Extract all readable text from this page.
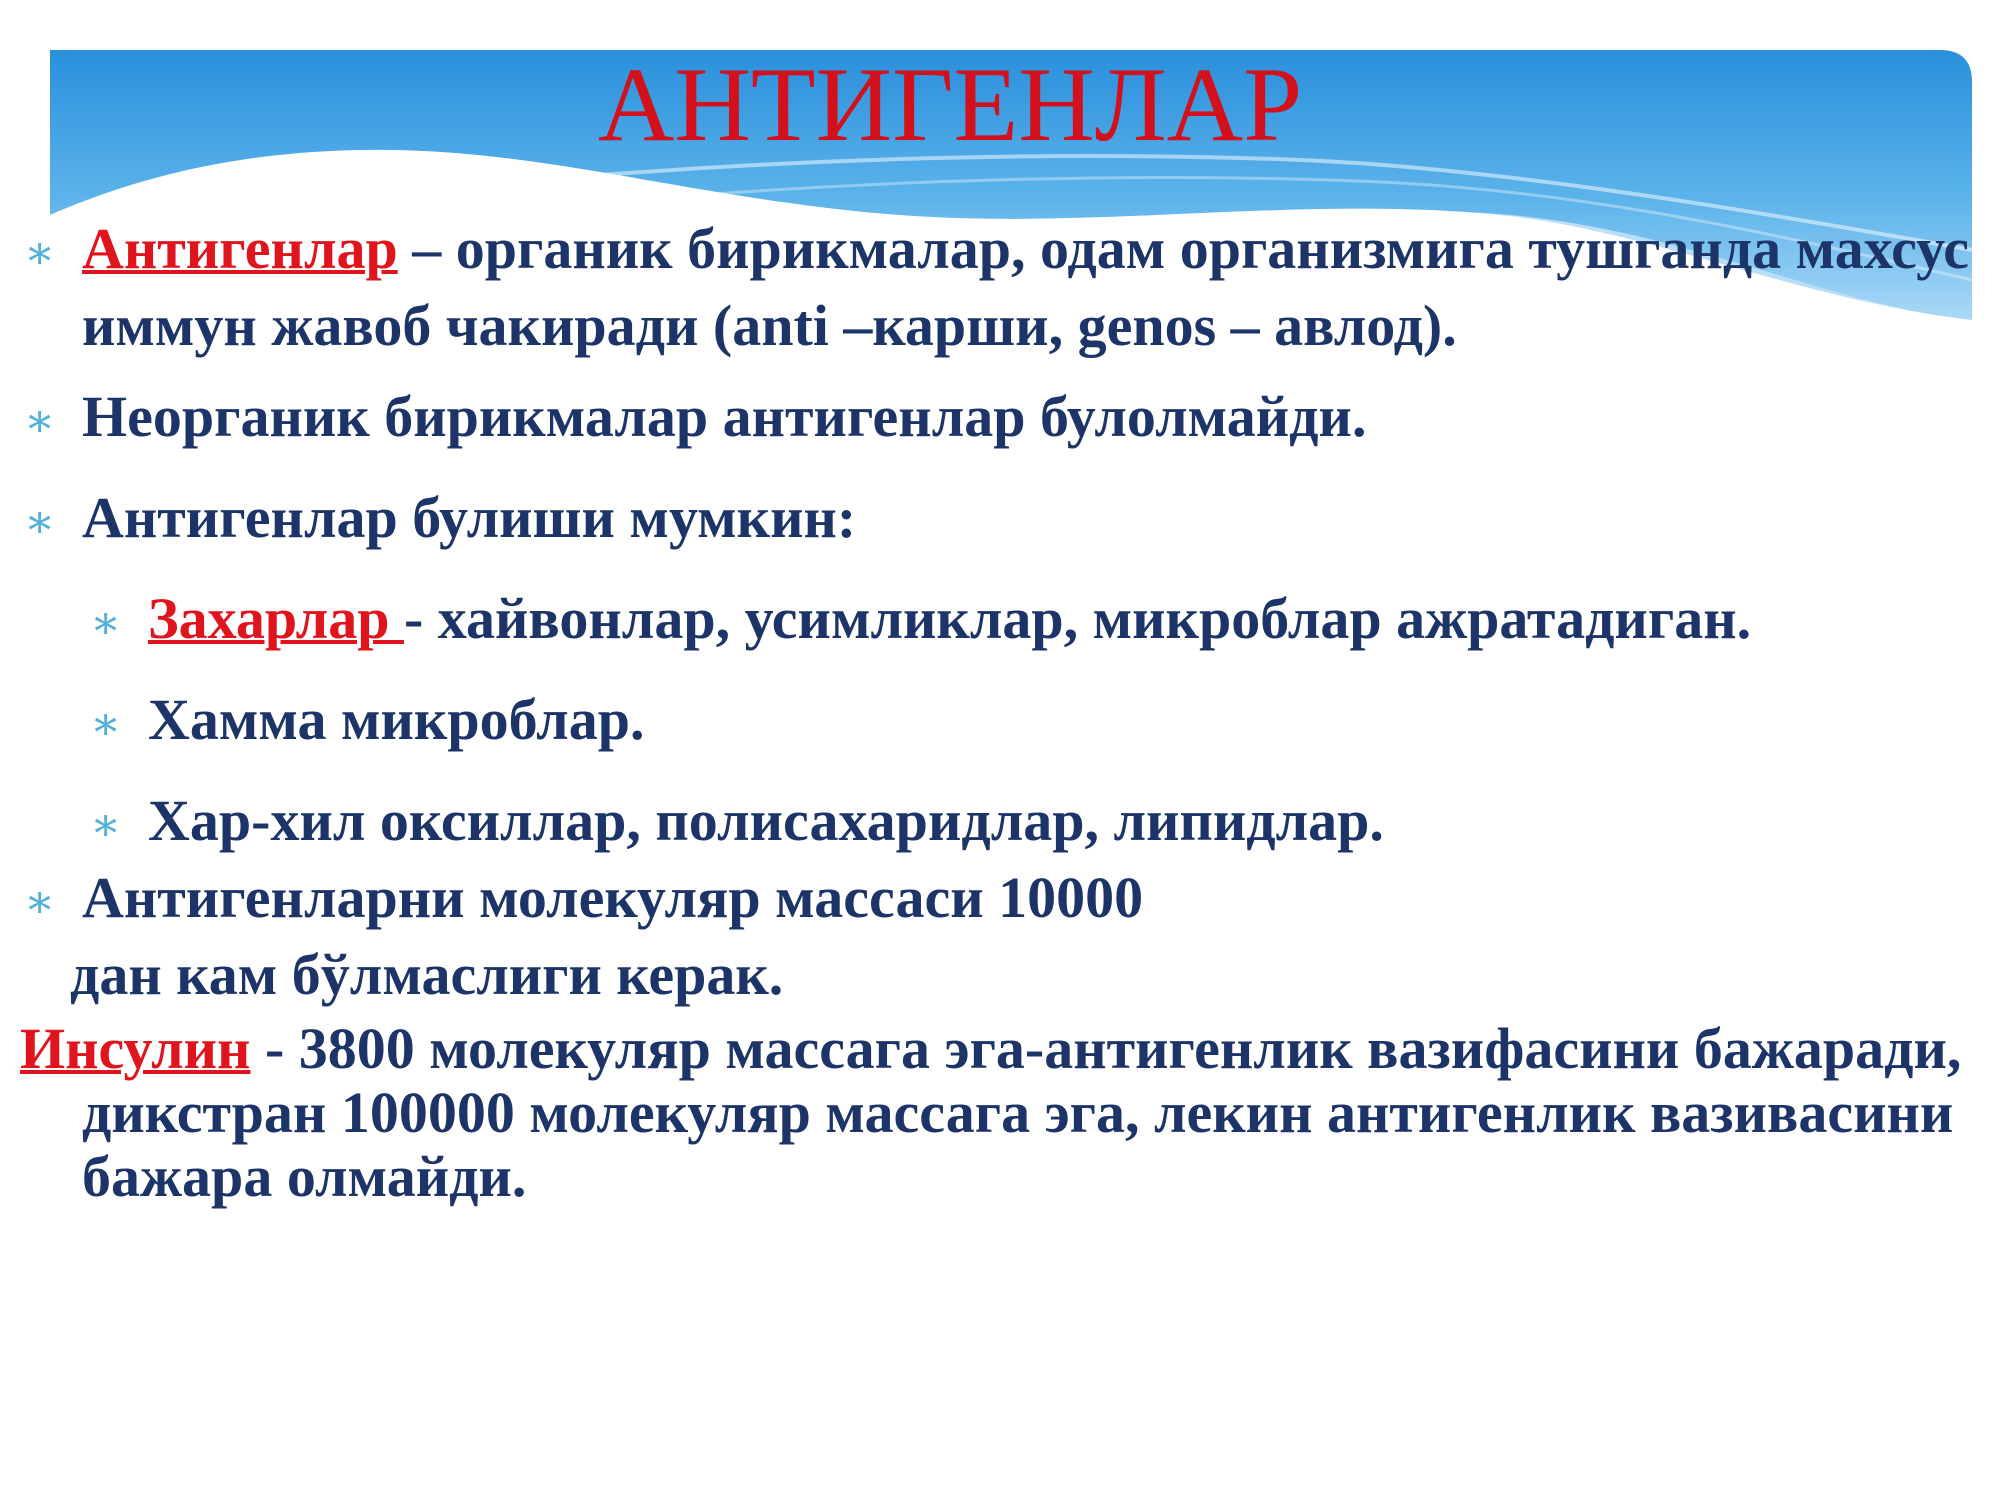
АНТИГЕНЛАР
∗ Антигенлар – органик бирикмалар, одам организмига тушганда махсус иммун жавоб чакиради (anti –карши, genos – авлод).
∗ Неорганик бирикмалар антигенлар булолмайди.
∗ Антигенлар булиши мумкин:
∗ Захарлар - хайвонлар, усимликлар, микроблар ажратадиган.
∗ Хамма микроблар.
∗ Хар-хил оксиллар, полисахаридлар, липидлар.
∗ Антигенларни молекуляр массаси 10000
дан кам бўлмаслиги керак.
Инсулин - 3800 молекуляр массага эга-антигенлик вазифасини бажаради, дикстран 100000 молекуляр массага эга, лекин антигенлик вазивасини бажара олмайди.
